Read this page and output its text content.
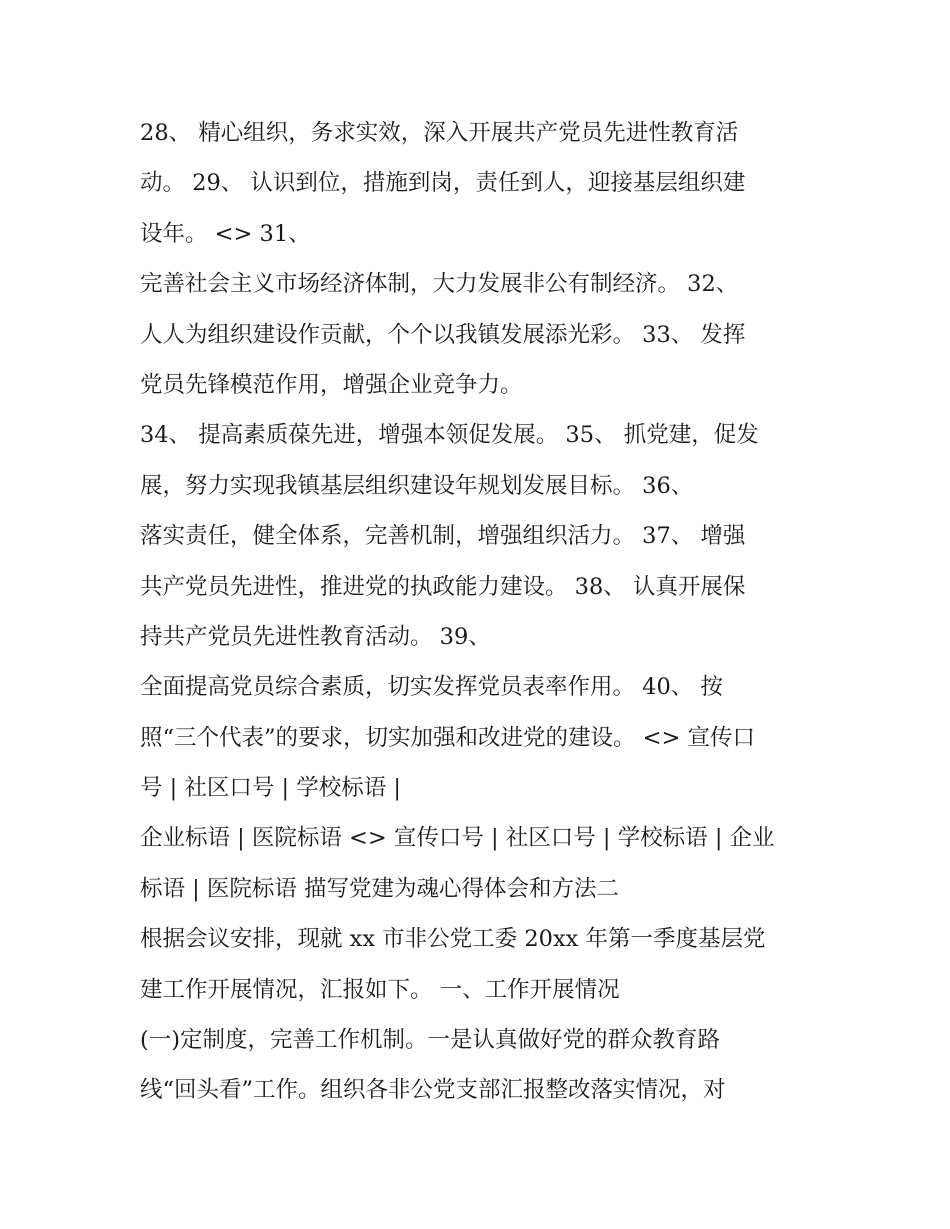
28、 精心组织，务求实效，深入开展共产党员先进性教育活
动。 29、 认识到位，措施到岗，责任到人，迎接基层组织建
设年。 <> 31、
完善社会主义市场经济体制，大力发展非公有制经济。 32、
人人为组织建设作贡献，个个以我镇发展添光彩。 33、 发挥
党员先锋模范作用，增强企业竞争力。
34、 提高素质葆先进，增强本领促发展。 35、 抓党建，促发
展，努力实现我镇基层组织建设年规划发展目标。 36、
落实责任，健全体系，完善机制，增强组织活力。 37、 增强
共产党员先进性，推进党的执政能力建设。 38、 认真开展保
持共产党员先进性教育活动。 39、
全面提高党员综合素质，切实发挥党员表率作用。 40、 按
照“三个代表”的要求，切实加强和改进党的建设。 <> 宣传口
号 | 社区口号 | 学校标语 |
企业标语 | 医院标语 <> 宣传口号 | 社区口号 | 学校标语 | 企业
标语 | 医院标语 描写党建为魂心得体会和方法二
根据会议安排，现就 xx 市非公党工委 20xx 年第一季度基层党
建工作开展情况，汇报如下。 一、工作开展情况
(一)定制度，完善工作机制。一是认真做好党的群众教育路
线“回头看”工作。组织各非公党支部汇报整改落实情况，对
